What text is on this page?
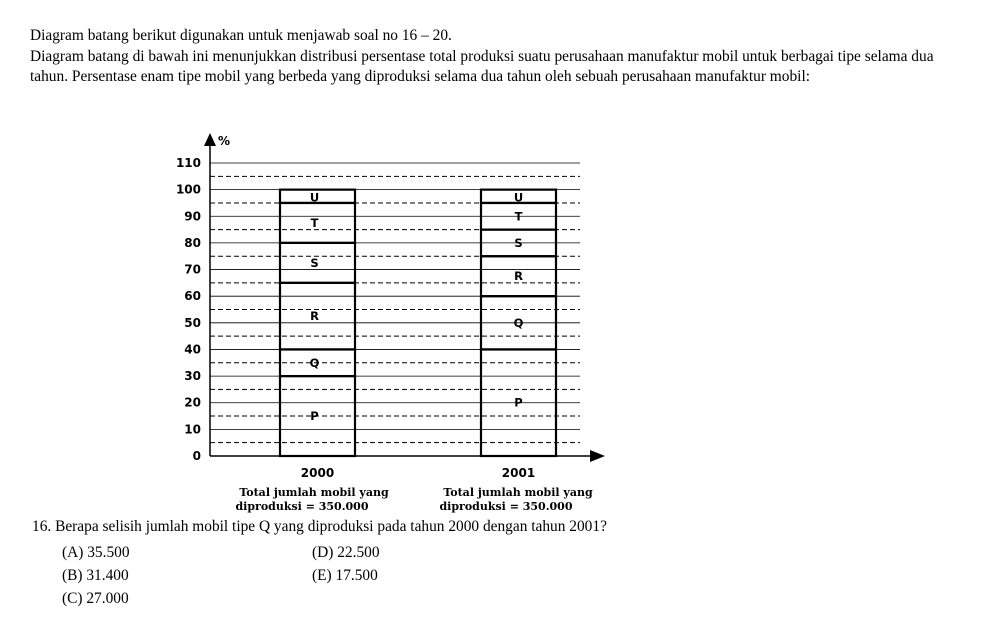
Diagram batang berikut digunakan untuk menjawab soal no 16 – 20.

Diagram batang di bawah ini menunjukkan distribusi persentase total produksi suatu perusahaan manufaktur mobil untuk berbagai tipe selama dua tahun. Persentase enam tipe mobil yang berbeda yang diproduksi selama dua tahun oleh sebuah perusahaan manufaktur mobil:

0
10
20
30
40
50
60
70
80
90
100
110
%
P
Q
R
S
T
U
2000
P
Q
R
S
T
U
2001
Total jumlah mobil yang
diproduksi = 350.000
Total jumlah mobil yang
diproduksi = 350.000
16. Berapa selisih jumlah mobil tipe Q yang diproduksi pada tahun 2000 dengan tahun 2001?
(A) 35.500	(D) 22.500
(B) 31.400	(E) 17.500
(C) 27.000
